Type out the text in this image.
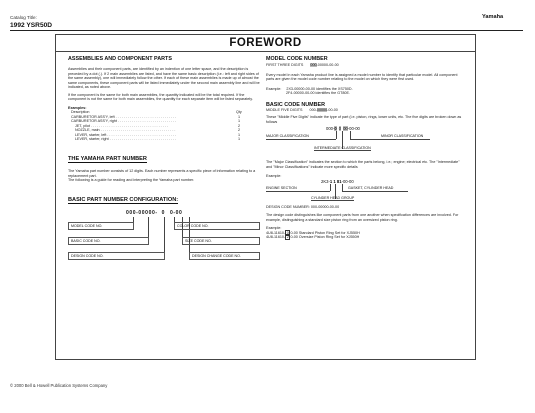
Catalog Title:
1992 YSR50D
Yamaha
FOREWORD
ASSEMBLIES AND COMPONENT PARTS
Assemblies and their component parts, are identified by an indention of one letter space, and the description is preceded by a dot (.). If 2 main assemblies are listed, and have the same basic description (i.e.: left and right sides of the same assembly), one will immediately follow the other. If each of these main assemblies is made up of almost the same components, these component parts will be listed immediately under the second main assembly line and will be indicated, as noted above.
If the component is the same for both main assemblies, the quantity indicated will be the total required. If the component is not the same for both main assemblies, the quantity for each separate item will be listed separately.
Examples:
Description	Qty
CARBURETOR ASS'Y, left . . . . . . . . . . . . . . . . . . . . . . . . . . . . . .	1
CARBURETOR ASS'Y, right . . . . . . . . . . . . . . . . . . . . . . . . . . . . .	1
JET, pilot . . . . . . . . . . . . . . . . . . . . . . . . . . . . . . . . . . . . . .	2
NOZZLE, main . . . . . . . . . . . . . . . . . . . . . . . . . . . . . . . . . . . . .	2
LEVER, starter, left . . . . . . . . . . . . . . . . . . . . . . . . . . . . . . . . . .	1
LEVER, starter, right . . . . . . . . . . . . . . . . . . . . . . . . . . . . . . . . .	1
THE YAMAHA PART NUMBER
The Yamaha part number consists of 12 digits. Each number represents a specific piece of information relating to a replacement part.
The following is a guide for reading and interpreting the Yamaha part number.
BASIC PART NUMBER CONFIGURATION:
000-00000- 0 0-00
MODEL CODE NO.	COLOR CODE NO.
BASIC CODE NO.	SIZE CODE NO.
DESIGN CODE NO.	DESIGN CHANGE CODE NO.
MODEL CODE NUMBER
FIRST THREE DIGITS 000-00000-00-00
Every model in each Yamaha product line is assigned a model number to identify that particular model. All component parts are given the model code number relating to the model on which they were first used.
Example: 2X3-00000-00-00 identifies the XS750D.
2F4-00000-00-00 identifies the GT80E.
BASIC CODE NUMBER
MIDDLE FIVE DIGITS 000-00000-00-00
These "Middle Five Digits" indicate the type of part (i.e. piston, rings, lower units, etc. The five digits are broken down as follows
000-0 0 00-00-00
MAJOR CLASSIFICATION	MINOR CLASSIFICATION
INTERMEDIATE CLASSIFICATION
The "Major Classification" indicates the section to which the parts belong, i.e.; engine; electrical etc. The "Intermediate" and "Minor Classifications" indicate more specific details
Example:
2K3-1 1 81-00-00
ENGINE SECTION	GASKET, CYLINDER HEAD
CYLINDER HEAD GROUP
DESIGN CODE NUMBER: 000-00000-00-00
The design code distinguishes like component parts from one another when specification differences are involved. For example, distinguishing a standard size piston ring from an oversized piston ring.
Example:
4U8-11610- 0 0-00 Standard Piston Ring Set for XJ550H
4U8-11610- 2 0-00 Oversize Piston Ring Set for XJ550H
© 2000 Bell & Howell Publication Systems Company
